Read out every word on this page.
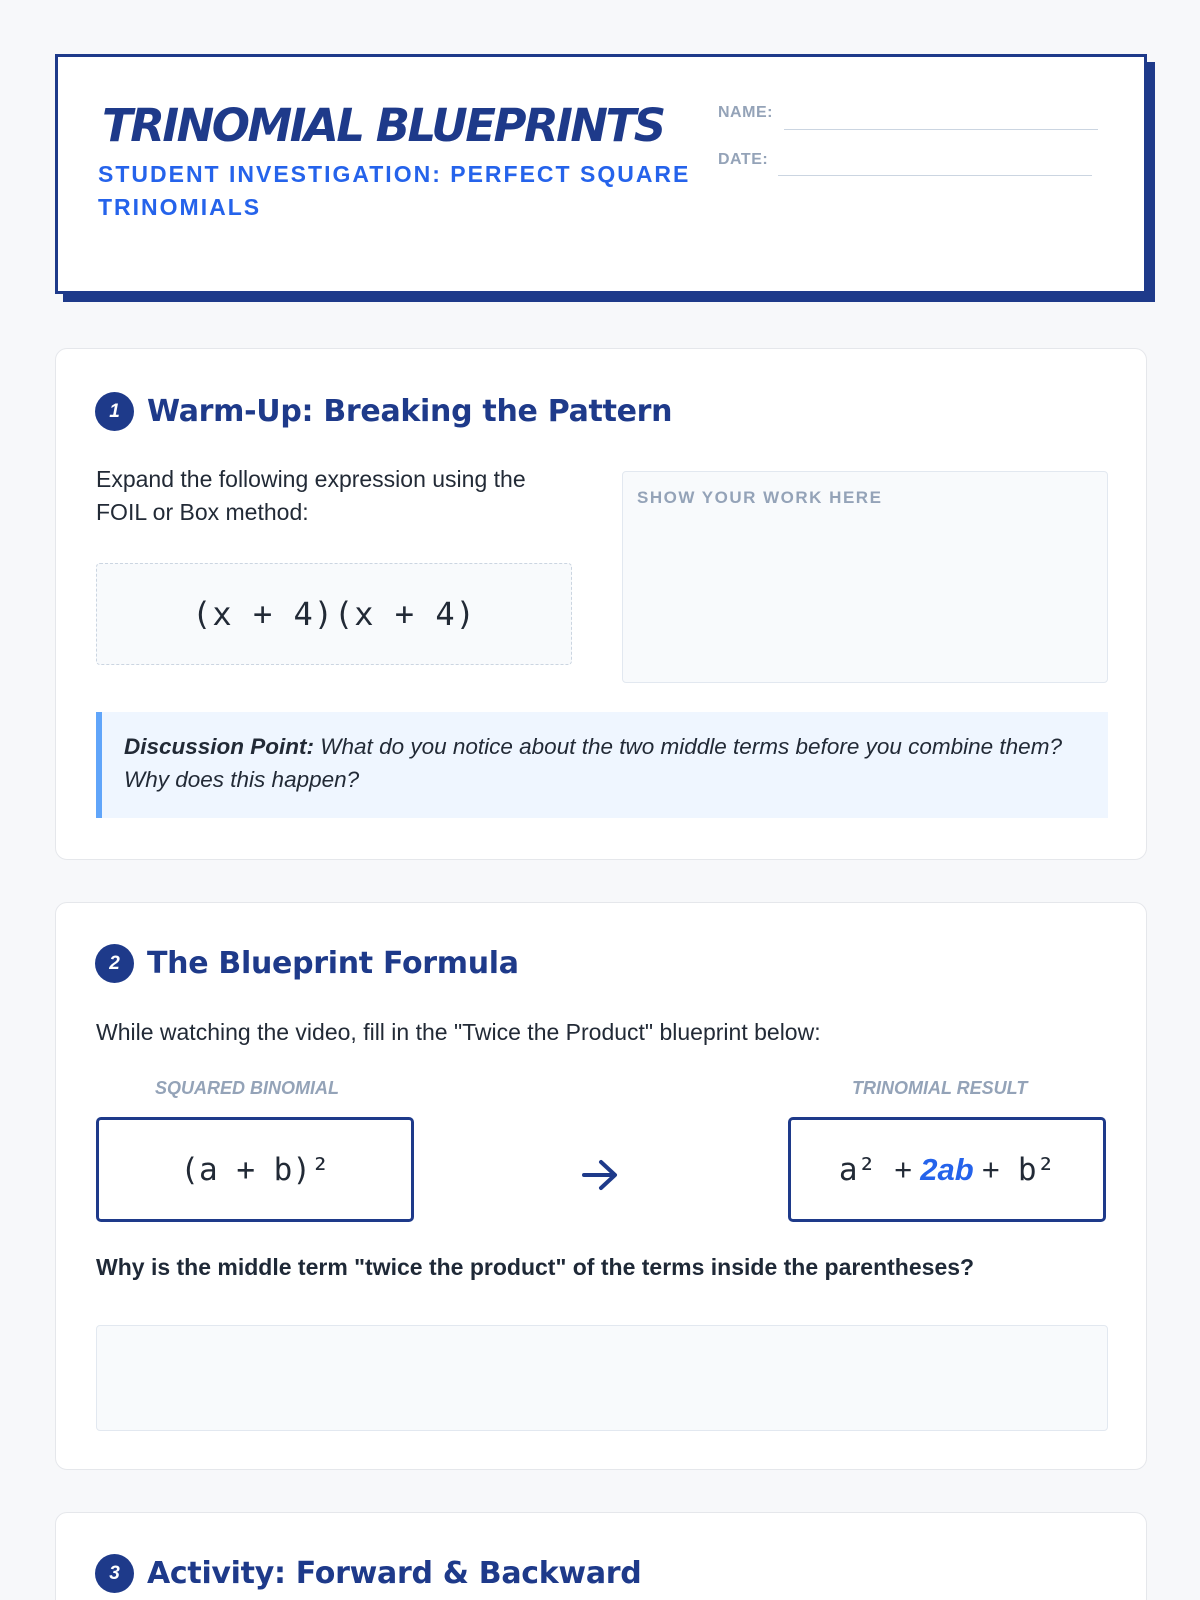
TRINOMIAL BLUEPRINTS
STUDENT INVESTIGATION: PERFECT SQUARE TRINOMIALS
NAME:
DATE:
1 Warm-Up: Breaking the Pattern
Expand the following expression using the FOIL or Box method:
(x + 4)(x + 4)
SHOW YOUR WORK HERE
Discussion Point: What do you notice about the two middle terms before you combine them? Why does this happen?
2 The Blueprint Formula
While watching the video, fill in the "Twice the Product" blueprint below:
SQUARED BINOMIAL
(a + b)²
TRINOMIAL RESULT
a² + 2ab + b²
Why is the middle term "twice the product" of the terms inside the parentheses?
3 Activity: Forward & Backward
